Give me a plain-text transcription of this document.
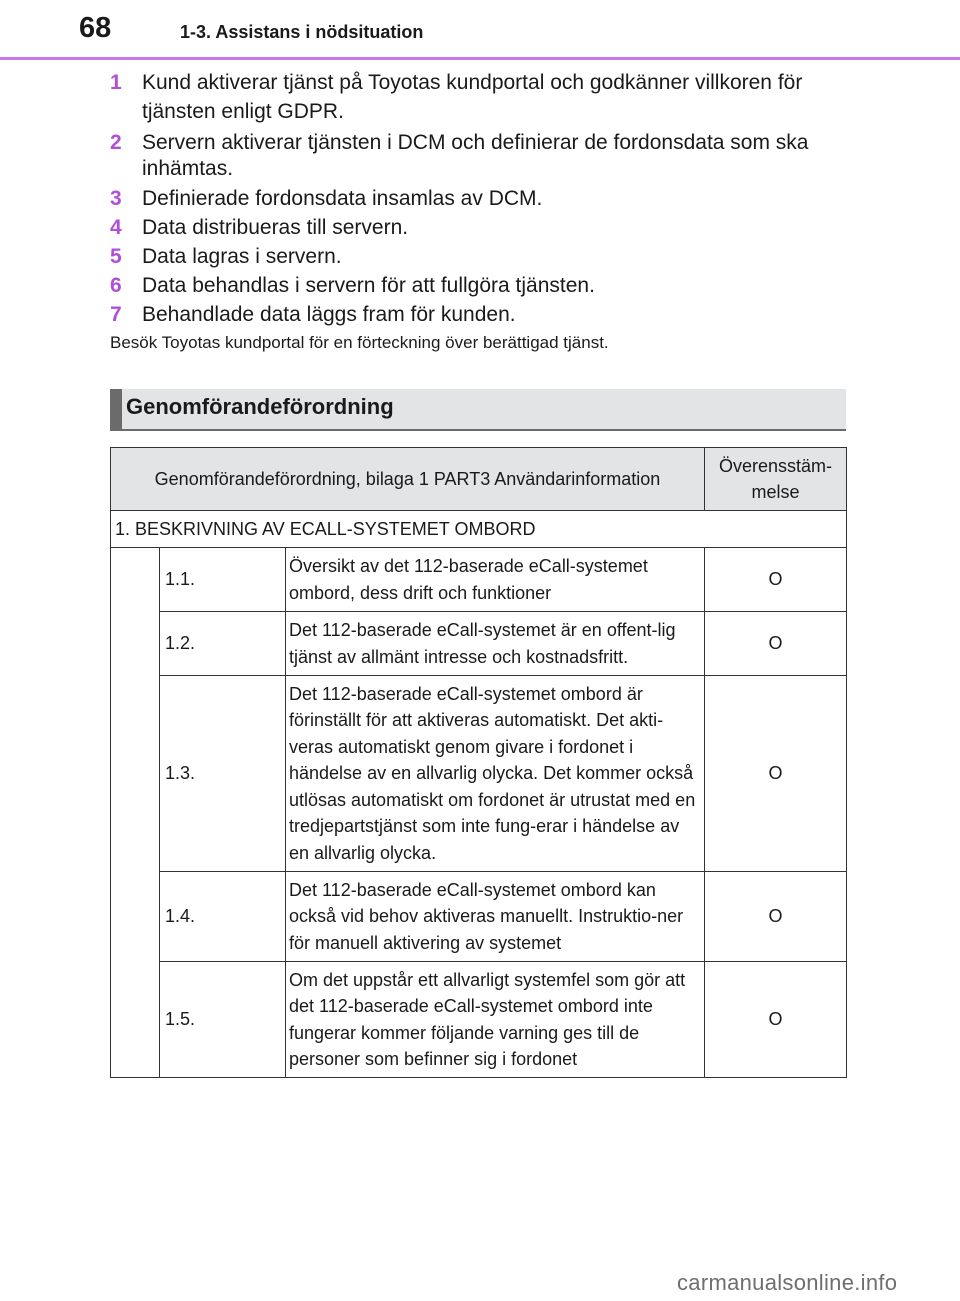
68	1-3. Assistans i nödsituation
1 Kund aktiverar tjänst på Toyotas kundportal och godkänner villkoren för tjänsten enligt GDPR.
2 Servern aktiverar tjänsten i DCM och definierar de fordonsdata som ska inhämtas.
3 Definierade fordonsdata insamlas av DCM.
4 Data distribueras till servern.
5 Data lagras i servern.
6 Data behandlas i servern för att fullgöra tjänsten.
7 Behandlade data läggs fram för kunden.
Besök Toyotas kundportal för en förteckning över berättigad tjänst.
Genomförandeförordning
Genomförandeförordning, bilaga 1 PART3 Användarinformation			Överensstäm-melse
1. BESKRIVNING AV ECALL-SYSTEMET OMBORD			
	1.1.	Översikt av det 112-baserade eCall-systemet ombord, dess drift och funktioner	O
	1.2.	Det 112-baserade eCall-systemet är en offent-lig tjänst av allmänt intresse och kostnadsfritt.	O
	1.3.	Det 112-baserade eCall-systemet ombord är förinställt för att aktiveras automatiskt. Det akti-veras automatiskt genom givare i fordonet i händelse av en allvarlig olycka. Det kommer också utlösas automatiskt om fordonet är utrustat med en tredjepartstjänst som inte fung-erar i händelse av en allvarlig olycka.	O
	1.4.	Det 112-baserade eCall-systemet ombord kan också vid behov aktiveras manuellt. Instruktio-ner för manuell aktivering av systemet	O
	1.5.	Om det uppstår ett allvarligt systemfel som gör att det 112-baserade eCall-systemet ombord inte fungerar kommer följande varning ges till de personer som befinner sig i fordonet	O
carmanualsonline.info
